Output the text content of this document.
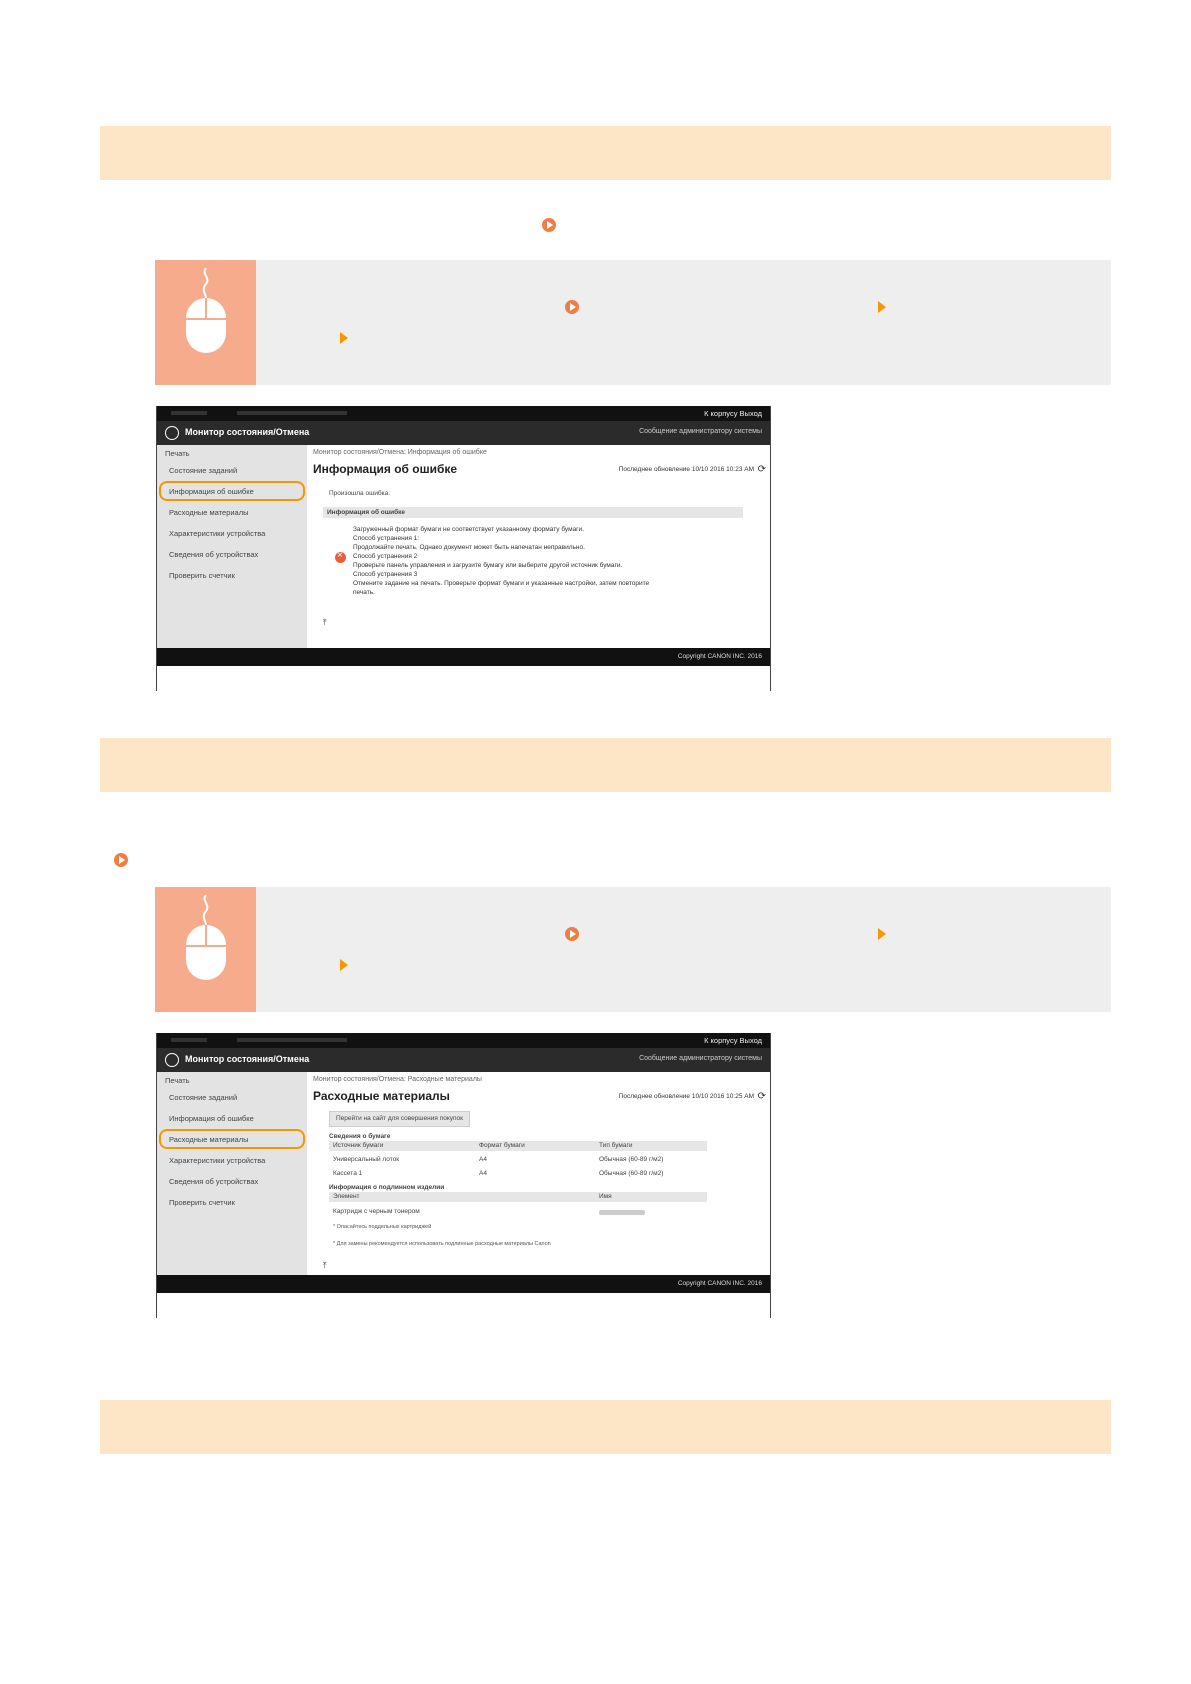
К корпусу Выход
Монитор состояния/Отмена	Сообщение администратору системы
Печать
Состояние заданий
Информация об ошибке
Расходные материалы
Характеристики устройства
Сведения об устройствах
Проверить счетчик
Монитор состояния/Отмена: Информация об ошибке
Информация об ошибке	Последнее обновление 10/10 2016 10:23 AM ⟳
Произошла ошибка.
Информация об ошибке
×
Загруженный формат бумаги не соответствует указанному формату бумаги.
Способ устранения 1:
Продолжайте печать. Однако документ может быть напечатан неправильно.
Способ устранения 2
Проверьте панель управления и загрузите бумагу или выберите другой источник бумаги.
Способ устранения 3
Отмените задание на печать. Проверьте формат бумаги и указанные настройки, затем повторите
печать.
⤒
Copyright CANON INC. 2016
К корпусу Выход
Монитор состояния/Отмена	Сообщение администратору системы
Печать
Состояние заданий
Информация об ошибке
Расходные материалы
Характеристики устройства
Сведения об устройствах
Проверить счетчик
Монитор состояния/Отмена: Расходные материалы
Расходные материалы	Последнее обновление 10/10 2016 10:25 AM ⟳
Перейти на сайт для совершения покупок
Сведения о бумаге
Источник бумаги	Формат бумаги	Тип бумаги
Универсальный лоток	A4	Обычная (60-89 г/м2)
Кассета 1	A4	Обычная (60-89 г/м2)
Информация о подлинном изделии
Элемент	Имя
Картридж с черным тонером
* Опасайтесь поддельных картриджей
* Для замены рекомендуется использовать подлинные расходные материалы Canon
⤒
Copyright CANON INC. 2016
